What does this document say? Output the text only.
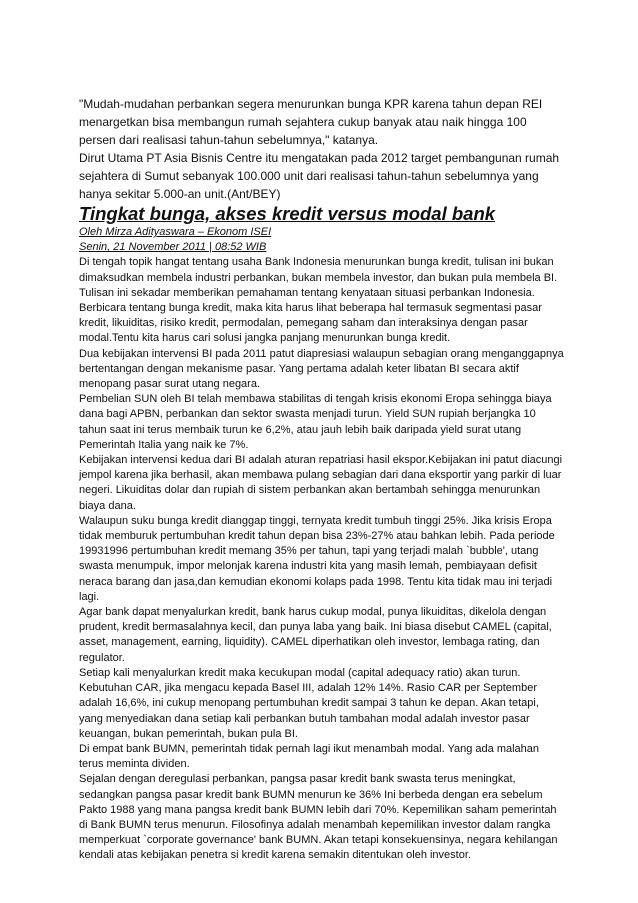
"Mudah-mudahan perbankan segera menurunkan bunga KPR karena tahun depan REI menargetkan bisa membangun rumah sejahtera cukup banyak atau naik hingga 100 persen dari realisasi tahun-tahun sebelumnya," katanya.

Dirut Utama PT Asia Bisnis Centre itu mengatakan pada 2012 target pembangunan rumah sejahtera di Sumut sebanyak 100.000 unit dari realisasi tahun-tahun sebelumnya yang hanya sekitar 5.000-an unit.(Ant/BEY)

Tingkat bunga, akses kredit versus modal bank

Oleh Mirza Adityaswara – Ekonom ISEI

Senin, 21 November 2011 | 08:52 WIB

Di tengah topik hangat tentang usaha Bank Indonesia menurunkan bunga kredit, tulisan ini bukan dimaksudkan membela industri perbankan, bukan membela investor, dan bukan pula membela BI. Tulisan ini sekadar memberikan pemahaman tentang kenyataan situasi perbankan Indonesia.

Berbicara tentang bunga kredit, maka kita harus lihat beberapa hal termasuk segmentasi pasar kredit, likuiditas, risiko kredit, permodalan, pemegang saham dan interaksinya dengan pasar modal.Tentu kita harus cari solusi jangka panjang menurunkan bunga kredit.

Dua kebijakan intervensi BI pada 2011 patut diapresiasi walaupun sebagian orang menganggapnya bertentangan dengan mekanisme pasar. Yang pertama adalah keter libatan BI secara aktif menopang pasar surat utang negara.

Pembelian SUN oleh BI telah membawa stabilitas di tengah krisis ekonomi Eropa sehingga biaya dana bagi APBN, perbankan dan sektor swasta menjadi turun. Yield SUN rupiah berjangka 10 tahun saat ini terus membaik turun ke 6,2%, atau jauh lebih baik daripada yield surat utang Pemerintah Italia yang naik ke 7%.

Kebijakan intervensi kedua dari BI adalah aturan repatriasi hasil ekspor.Kebijakan ini patut diacungi jempol karena jika berhasil, akan membawa pulang sebagian dari dana eksportir yang parkir di luar negeri. Likuiditas dolar dan rupiah di sistem perbankan akan bertambah sehingga menurunkan biaya dana.

Walaupun suku bunga kredit dianggap tinggi, ternyata kredit tumbuh tinggi 25%. Jika krisis Eropa tidak memburuk pertumbuhan kredit tahun depan bisa 23%-27% atau bahkan lebih. Pada periode 19931996 pertumbuhan kredit memang 35% per tahun, tapi yang terjadi malah `bubble', utang swasta menumpuk, impor melonjak karena industri kita yang masih lemah, pembiayaan defisit neraca barang dan jasa,dan kemudian ekonomi kolaps pada 1998. Tentu kita tidak mau ini terjadi lagi.

Agar bank dapat menyalurkan kredit, bank harus cukup modal, punya likuiditas, dikelola dengan prudent, kredit bermasalahnya kecil, dan punya laba yang baik. Ini biasa disebut CAMEL (capital, asset, management, earning, liquidity). CAMEL diperhatikan oleh investor, lembaga rating, dan regulator.

Setiap kali menyalurkan kredit maka kecukupan modal (capital adequacy ratio) akan turun. Kebutuhan CAR, jika mengacu kepada Basel III, adalah 12% 14%. Rasio CAR per September adalah 16,6%, ini cukup menopang pertumbuhan kredit sampai 3 tahun ke depan. Akan tetapi, yang menyediakan dana setiap kali perbankan butuh tambahan modal adalah investor pasar keuangan, bukan pemerintah, bukan pula BI.

Di empat bank BUMN, pemerintah tidak pernah lagi ikut menambah modal. Yang ada malahan terus meminta dividen.

Sejalan dengan deregulasi perbankan, pangsa pasar kredit bank swasta terus meningkat, sedangkan pangsa pasar kredit bank BUMN menurun ke 36% Ini berbeda dengan era sebelum Pakto 1988 yang mana pangsa kredit bank BUMN lebih dari 70%. Kepemilikan saham pemerintah di Bank BUMN terus menurun. Filosofinya adalah menambah kepemilikan investor dalam rangka memperkuat `corporate governance' bank BUMN. Akan tetapi konsekuensinya, negara kehilangan kendali atas kebijakan penetra si kredit karena semakin ditentukan oleh investor.
